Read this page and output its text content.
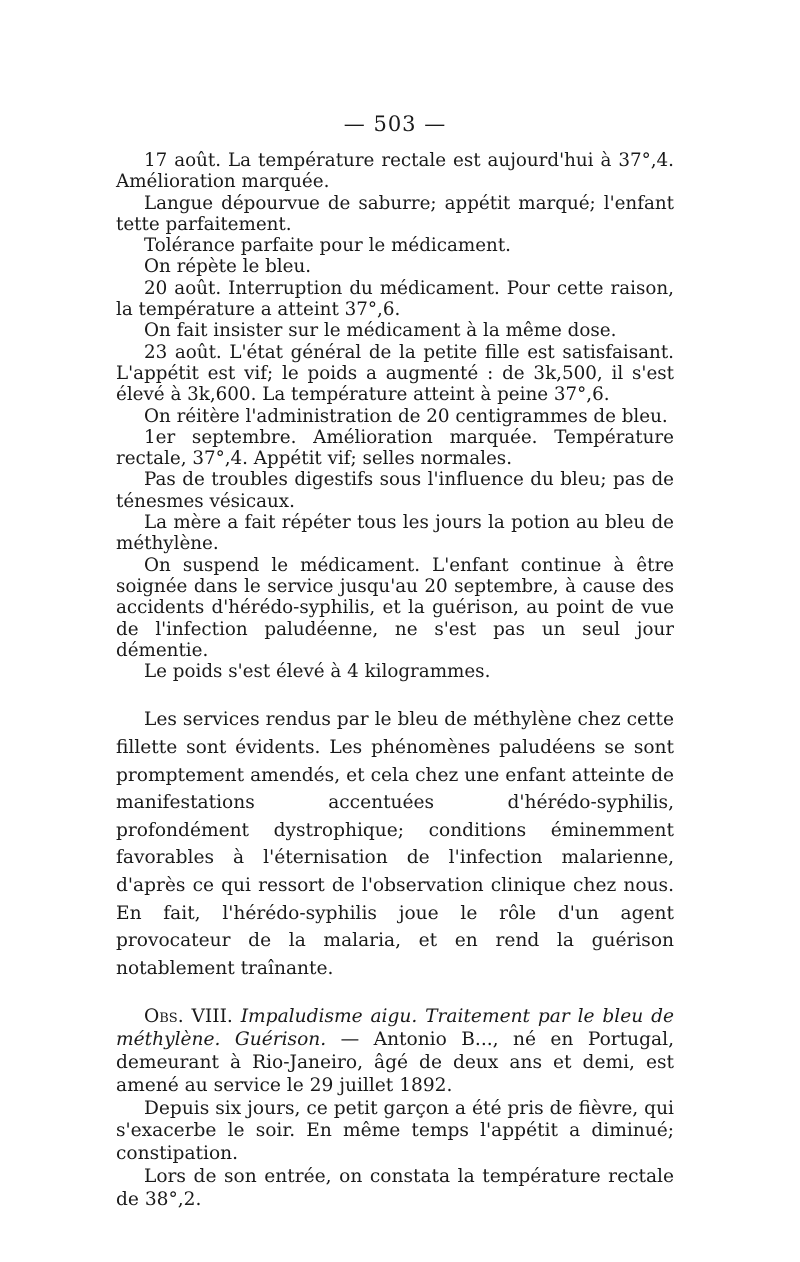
— 503 —

17 août. La température rectale est aujourd'hui à 37°,4. Amélioration marquée.

Langue dépourvue de saburre; appétit marqué; l'enfant tette parfaitement.

Tolérance parfaite pour le médicament.

On répète le bleu.

20 août. Interruption du médicament. Pour cette raison, la température a atteint 37°,6.

On fait insister sur le médicament à la même dose.

23 août. L'état général de la petite fille est satisfaisant. L'appétit est vif; le poids a augmenté : de 3k,500, il s'est élevé à 3k,600. La température atteint à peine 37°,6.

On réitère l'administration de 20 centigrammes de bleu.

1er septembre. Amélioration marquée. Température rectale, 37°,4. Appétit vif; selles normales.

Pas de troubles digestifs sous l'influence du bleu; pas de ténesmes vésicaux.

La mère a fait répéter tous les jours la potion au bleu de méthylène.

On suspend le médicament. L'enfant continue à être soignée dans le service jusqu'au 20 septembre, à cause des accidents d'hérédo-syphilis, et la guérison, au point de vue de l'infection paludéenne, ne s'est pas un seul jour démentie.

Le poids s'est élevé à 4 kilogrammes.

Les services rendus par le bleu de méthylène chez cette fillette sont évidents. Les phénomènes paludéens se sont promptement amendés, et cela chez une enfant atteinte de manifestations accentuées d'hérédo-syphilis, profondément dystrophique; conditions éminemment favorables à l'éternisation de l'infection malarienne, d'après ce qui ressort de l'observation clinique chez nous. En fait, l'hérédo-syphilis joue le rôle d'un agent provocateur de la malaria, et en rend la guérison notablement traînante.

Obs. VIII. Impaludisme aigu. Traitement par le bleu de méthylène. Guérison. — Antonio B..., né en Portugal, demeurant à Rio-Janeiro, âgé de deux ans et demi, est amené au service le 29 juillet 1892.

Depuis six jours, ce petit garçon a été pris de fièvre, qui s'exacerbe le soir. En même temps l'appétit a diminué; constipation.

Lors de son entrée, on constata la température rectale de 38°,2.
